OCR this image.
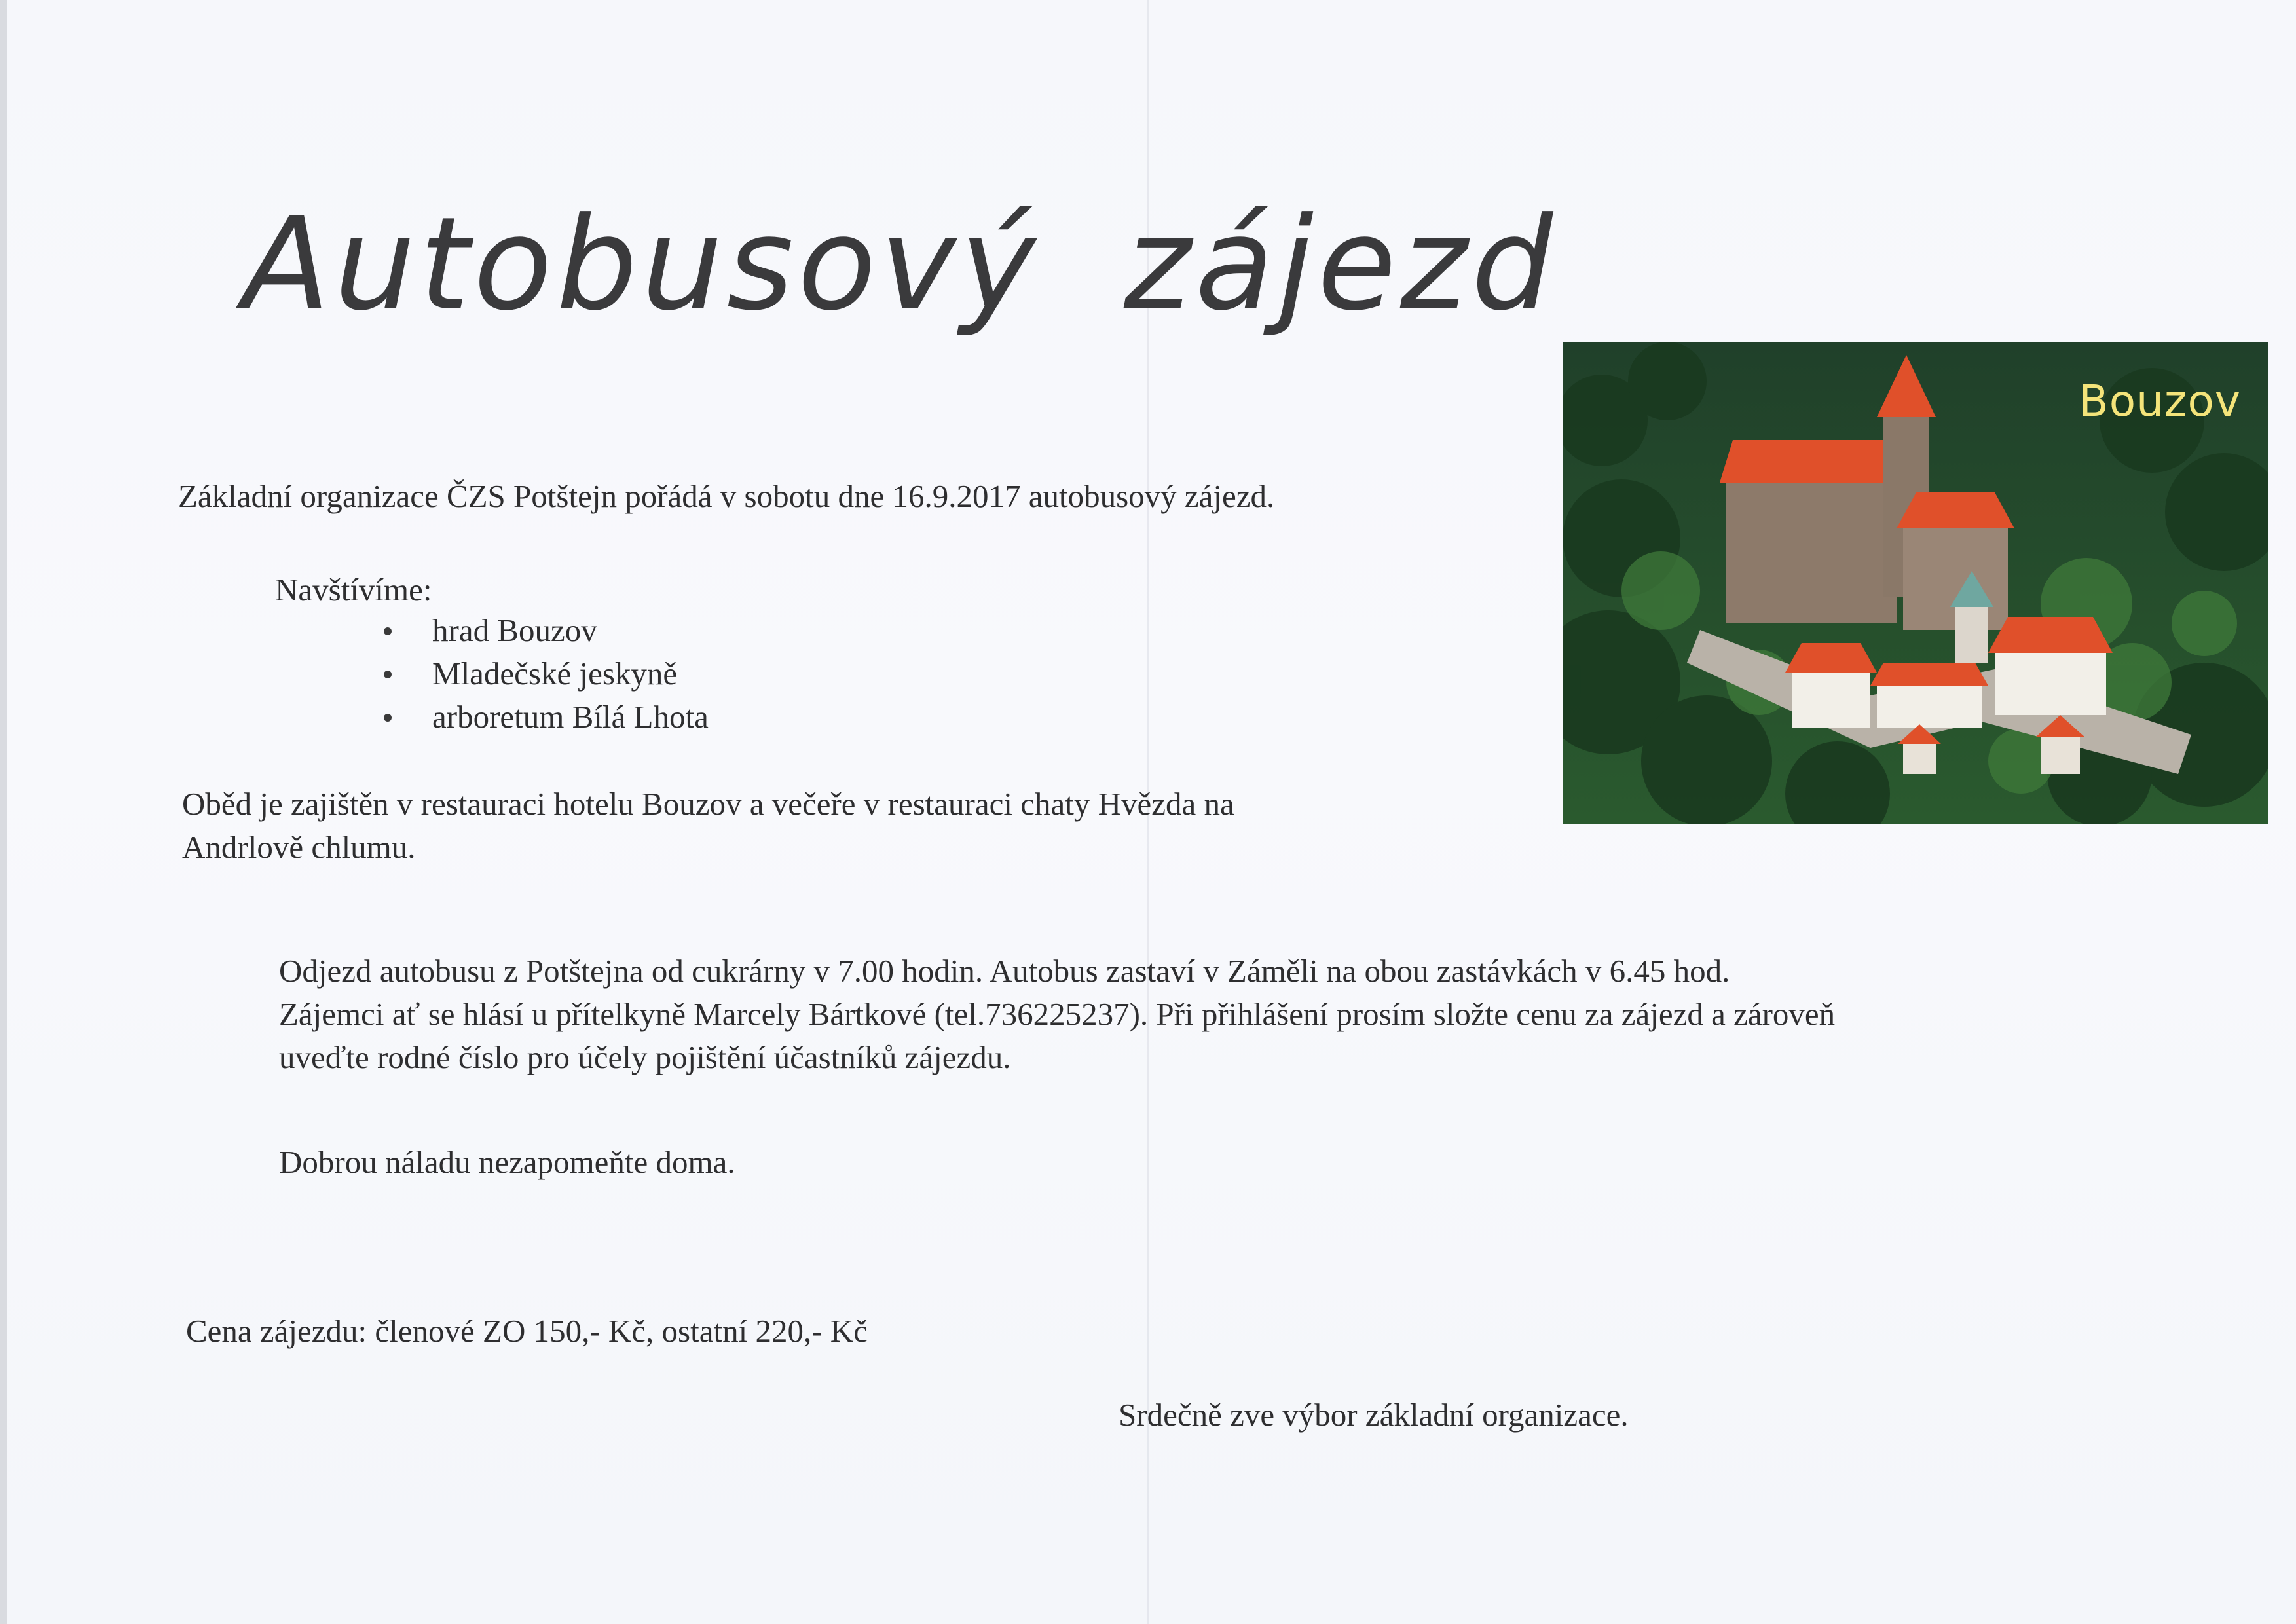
Autobusový zájezd
Bouzov
Základní organizace ČZS Potštejn pořádá v sobotu dne 16.9.2017 autobusový zájezd.
Navštívíme:
hrad Bouzov
Mladečské jeskyně
arboretum Bílá Lhota
Oběd je zajištěn v restauraci hotelu Bouzov a večeře v restauraci chaty Hvězda na
Andrlově chlumu.
Odjezd autobusu z Potštejna od cukrárny v 7.00 hodin. Autobus zastaví v Záměli na obou zastávkách v 6.45 hod.
Zájemci ať se hlásí u přítelkyně Marcely Bártkové (tel.736225237). Při přihlášení prosím složte cenu za zájezd a zároveň
uveďte rodné číslo pro účely pojištění účastníků zájezdu.
Dobrou náladu nezapomeňte doma.
Cena zájezdu: členové ZO 150,- Kč, ostatní 220,- Kč
Srdečně zve výbor základní organizace.
